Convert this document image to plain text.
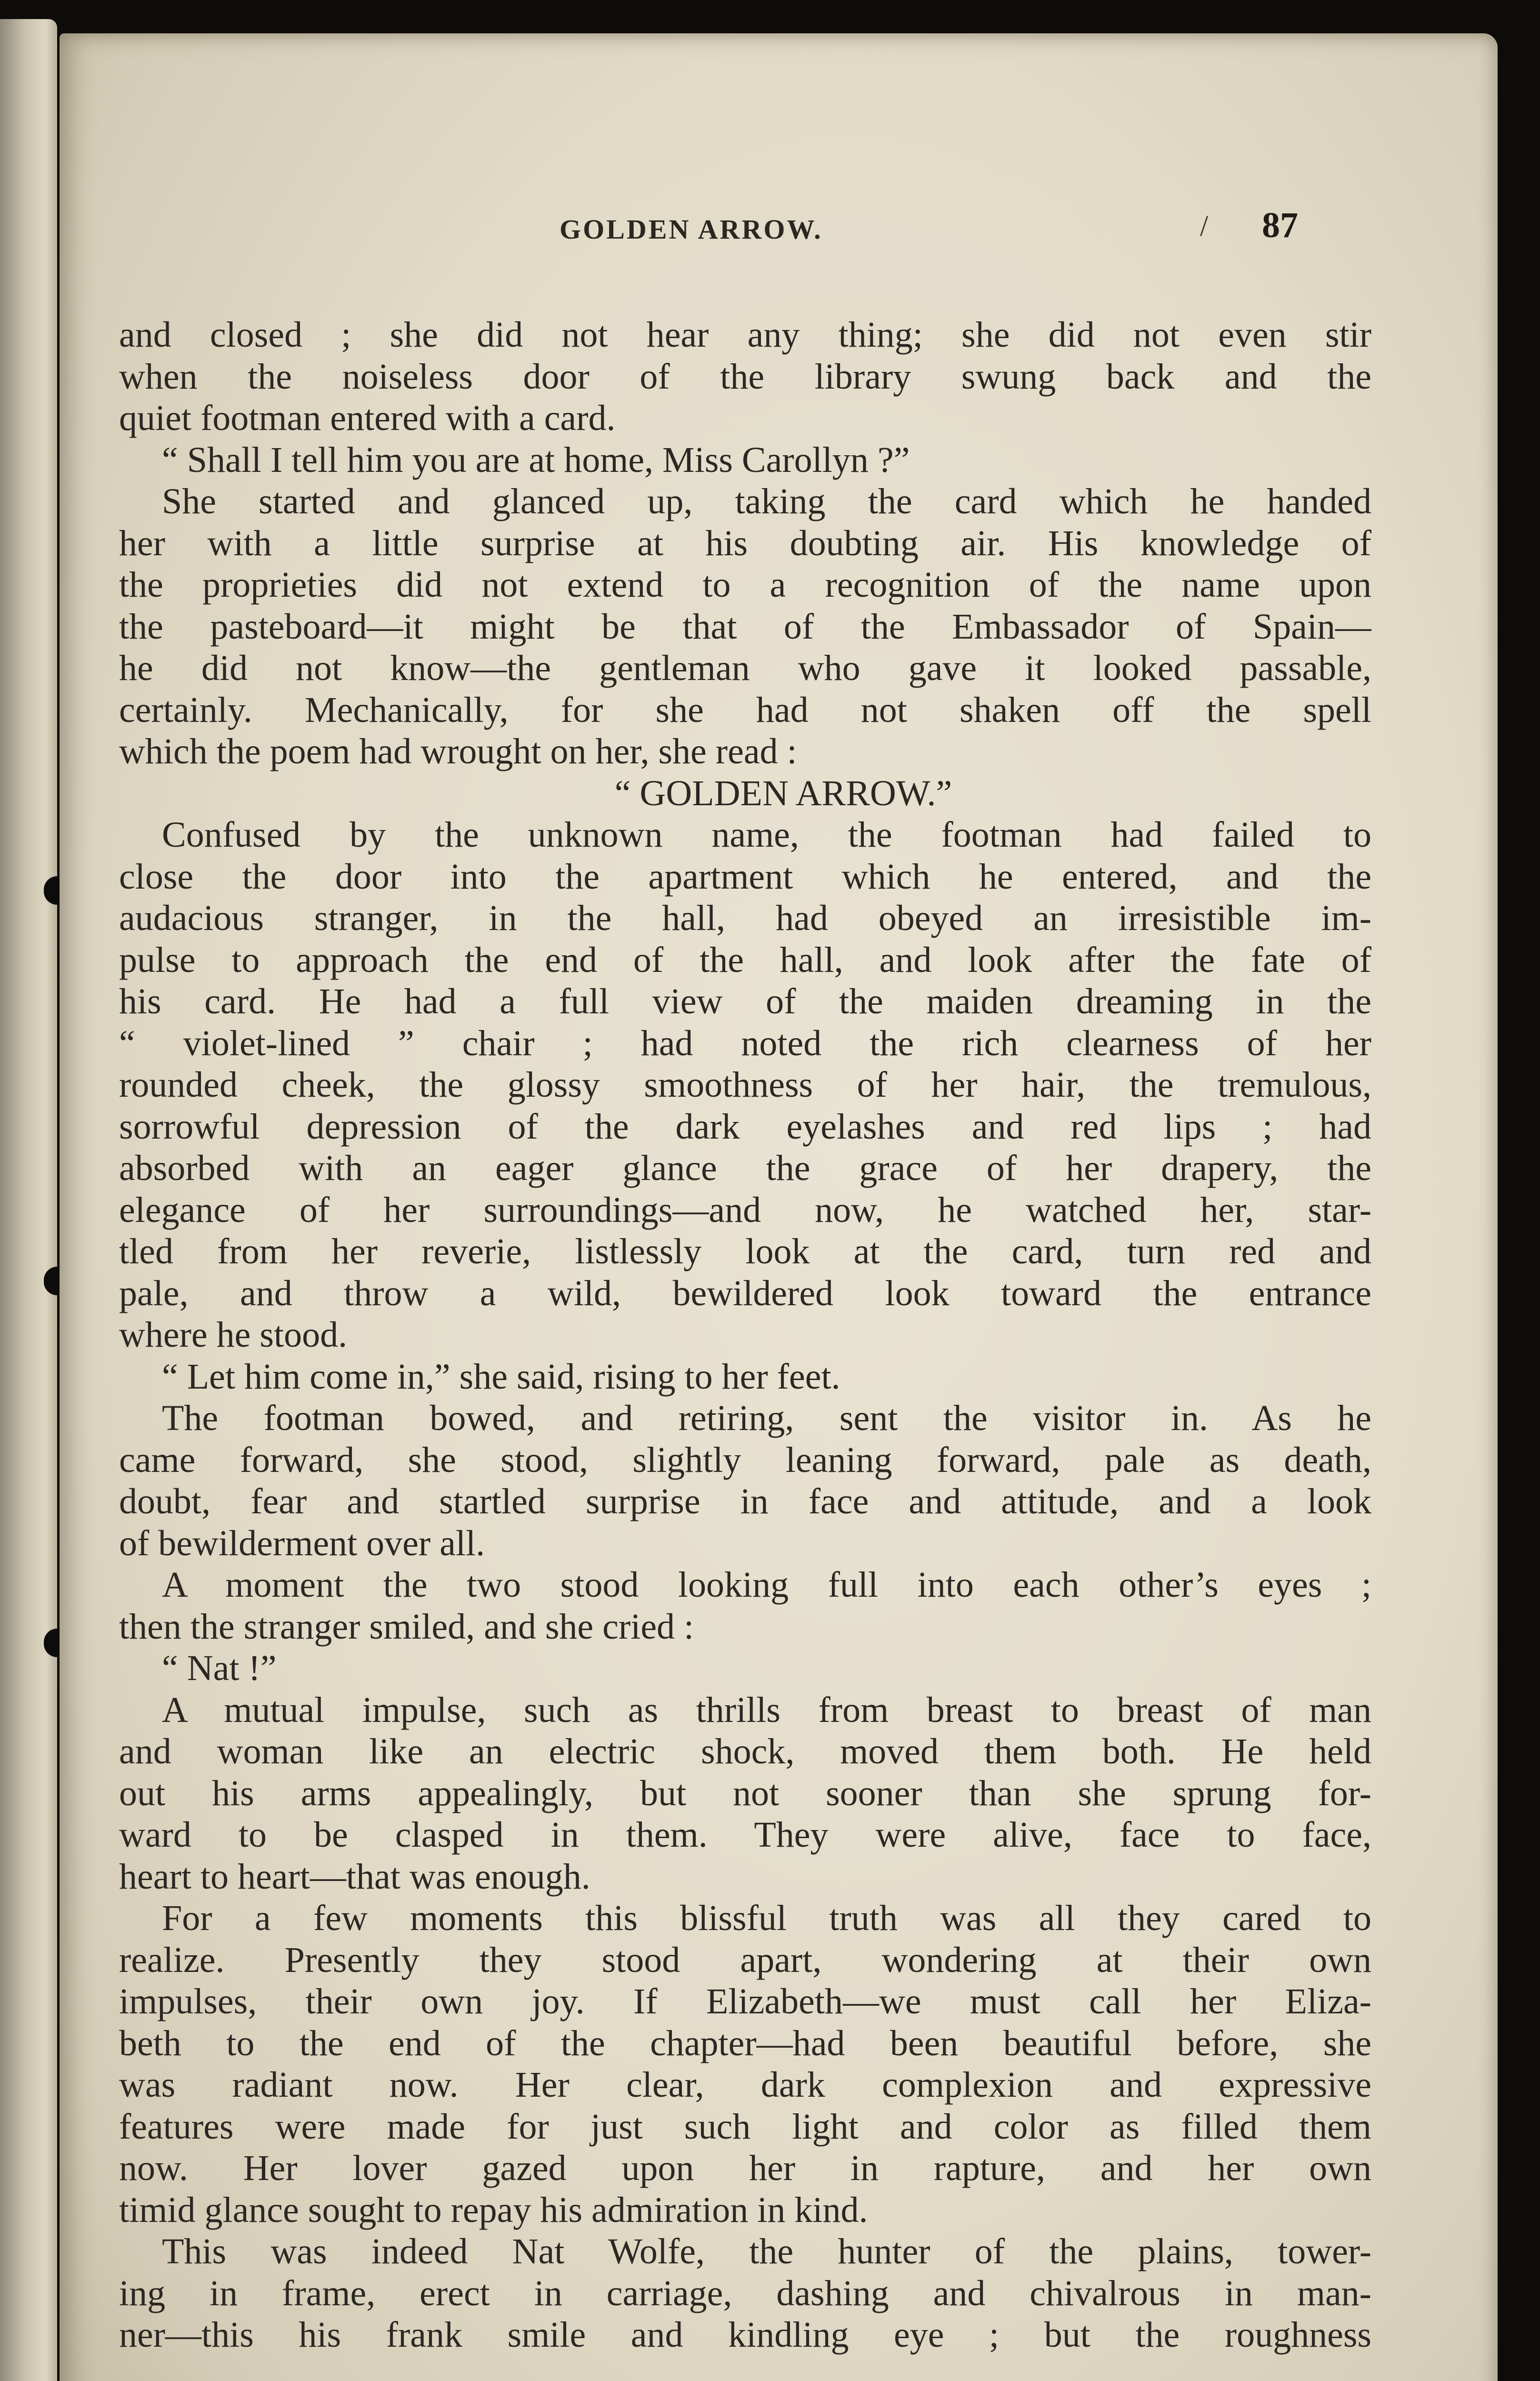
GOLDEN ARROW.	/ 87
and closed ; she did not hear any thing; she did not even stir
when the noiseless door of the library swung back and the
quiet footman entered with a card.
“ Shall I tell him you are at home, Miss Carollyn ?”
She started and glanced up, taking the card which he handed
her with a little surprise at his doubting air. His knowledge of
the proprieties did not extend to a recognition of the name upon
the pasteboard—it might be that of the Embassador of Spain—
he did not know—the gentleman who gave it looked passable,
certainly. Mechanically, for she had not shaken off the spell
which the poem had wrought on her, she read :
“ GOLDEN ARROW.”
Confused by the unknown name, the footman had failed to
close the door into the apartment which he entered, and the
audacious stranger, in the hall, had obeyed an irresistible im-
pulse to approach the end of the hall, and look after the fate of
his card. He had a full view of the maiden dreaming in the
“ violet-lined ” chair ; had noted the rich clearness of her
rounded cheek, the glossy smoothness of her hair, the tremulous,
sorrowful depression of the dark eyelashes and red lips ; had
absorbed with an eager glance the grace of her drapery, the
elegance of her surroundings—and now, he watched her, star-
tled from her reverie, listlessly look at the card, turn red and
pale, and throw a wild, bewildered look toward the entrance
where he stood.
“ Let him come in,” she said, rising to her feet.
The footman bowed, and retiring, sent the visitor in. As he
came forward, she stood, slightly leaning forward, pale as death,
doubt, fear and startled surprise in face and attitude, and a look
of bewilderment over all.
A moment the two stood looking full into each other’s eyes ;
then the stranger smiled, and she cried :
“ Nat !”
A mutual impulse, such as thrills from breast to breast of man
and woman like an electric shock, moved them both. He held
out his arms appealingly, but not sooner than she sprung for-
ward to be clasped in them. They were alive, face to face,
heart to heart—that was enough.
For a few moments this blissful truth was all they cared to
realize. Presently they stood apart, wondering at their own
impulses, their own joy. If Elizabeth—we must call her Eliza-
beth to the end of the chapter—had been beautiful before, she
was radiant now. Her clear, dark complexion and expressive
features were made for just such light and color as filled them
now. Her lover gazed upon her in rapture, and her own
timid glance sought to repay his admiration in kind.
This was indeed Nat Wolfe, the hunter of the plains, tower-
ing in frame, erect in carriage, dashing and chivalrous in man-
ner—this his frank smile and kindling eye ; but the roughness
